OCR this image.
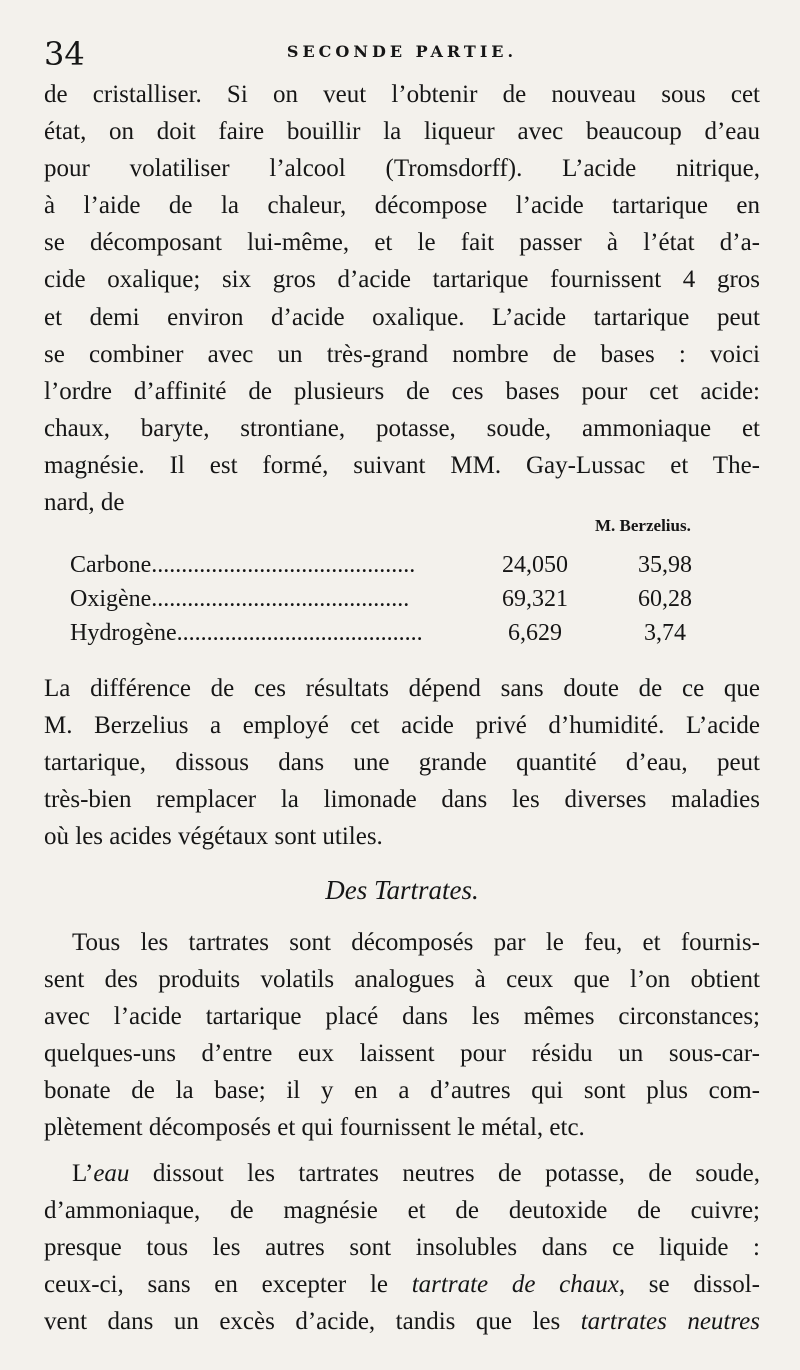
34	SECONDE PARTIE.
de cristalliser. Si on veut l’obtenir de nouveau sous cet
état, on doit faire bouillir la liqueur avec beaucoup d’eau
pour volatiliser l’alcool (Tromsdorff). L’acide nitrique,
à l’aide de la chaleur, décompose l’acide tartarique en
se décomposant lui-même, et le fait passer à l’état d’a-
cide oxalique; six gros d’acide tartarique fournissent 4 gros
et demi environ d’acide oxalique. L’acide tartarique peut
se combiner avec un très-grand nombre de bases : voici
l’ordre d’affinité de plusieurs de ces bases pour cet acide:
chaux, baryte, strontiane, potasse, soude, ammoniaque et
magnésie. Il est formé, suivant MM. Gay-Lussac et The-
nard, de
M. Berzelius.
Carbone............................................	24,050	35,98
Oxigène...........................................	69,321	60,28
Hydrogène.........................................	6,629	3,74
La différence de ces résultats dépend sans doute de ce que
M. Berzelius a employé cet acide privé d’humidité. L’acide
tartarique, dissous dans une grande quantité d’eau, peut
très-bien remplacer la limonade dans les diverses maladies
où les acides végétaux sont utiles.
Des Tartrates.
Tous les tartrates sont décomposés par le feu, et fournis-
sent des produits volatils analogues à ceux que l’on obtient
avec l’acide tartarique placé dans les mêmes circonstances;
quelques-uns d’entre eux laissent pour résidu un sous-car-
bonate de la base; il y en a d’autres qui sont plus com-
plètement décomposés et qui fournissent le métal, etc.
L’eau dissout les tartrates neutres de potasse, de soude,
d’ammoniaque, de magnésie et de deutoxide de cuivre;
presque tous les autres sont insolubles dans ce liquide :
ceux-ci, sans en excepter le tartrate de chaux, se dissol-
vent dans un excès d’acide, tandis que les tartrates neutres
